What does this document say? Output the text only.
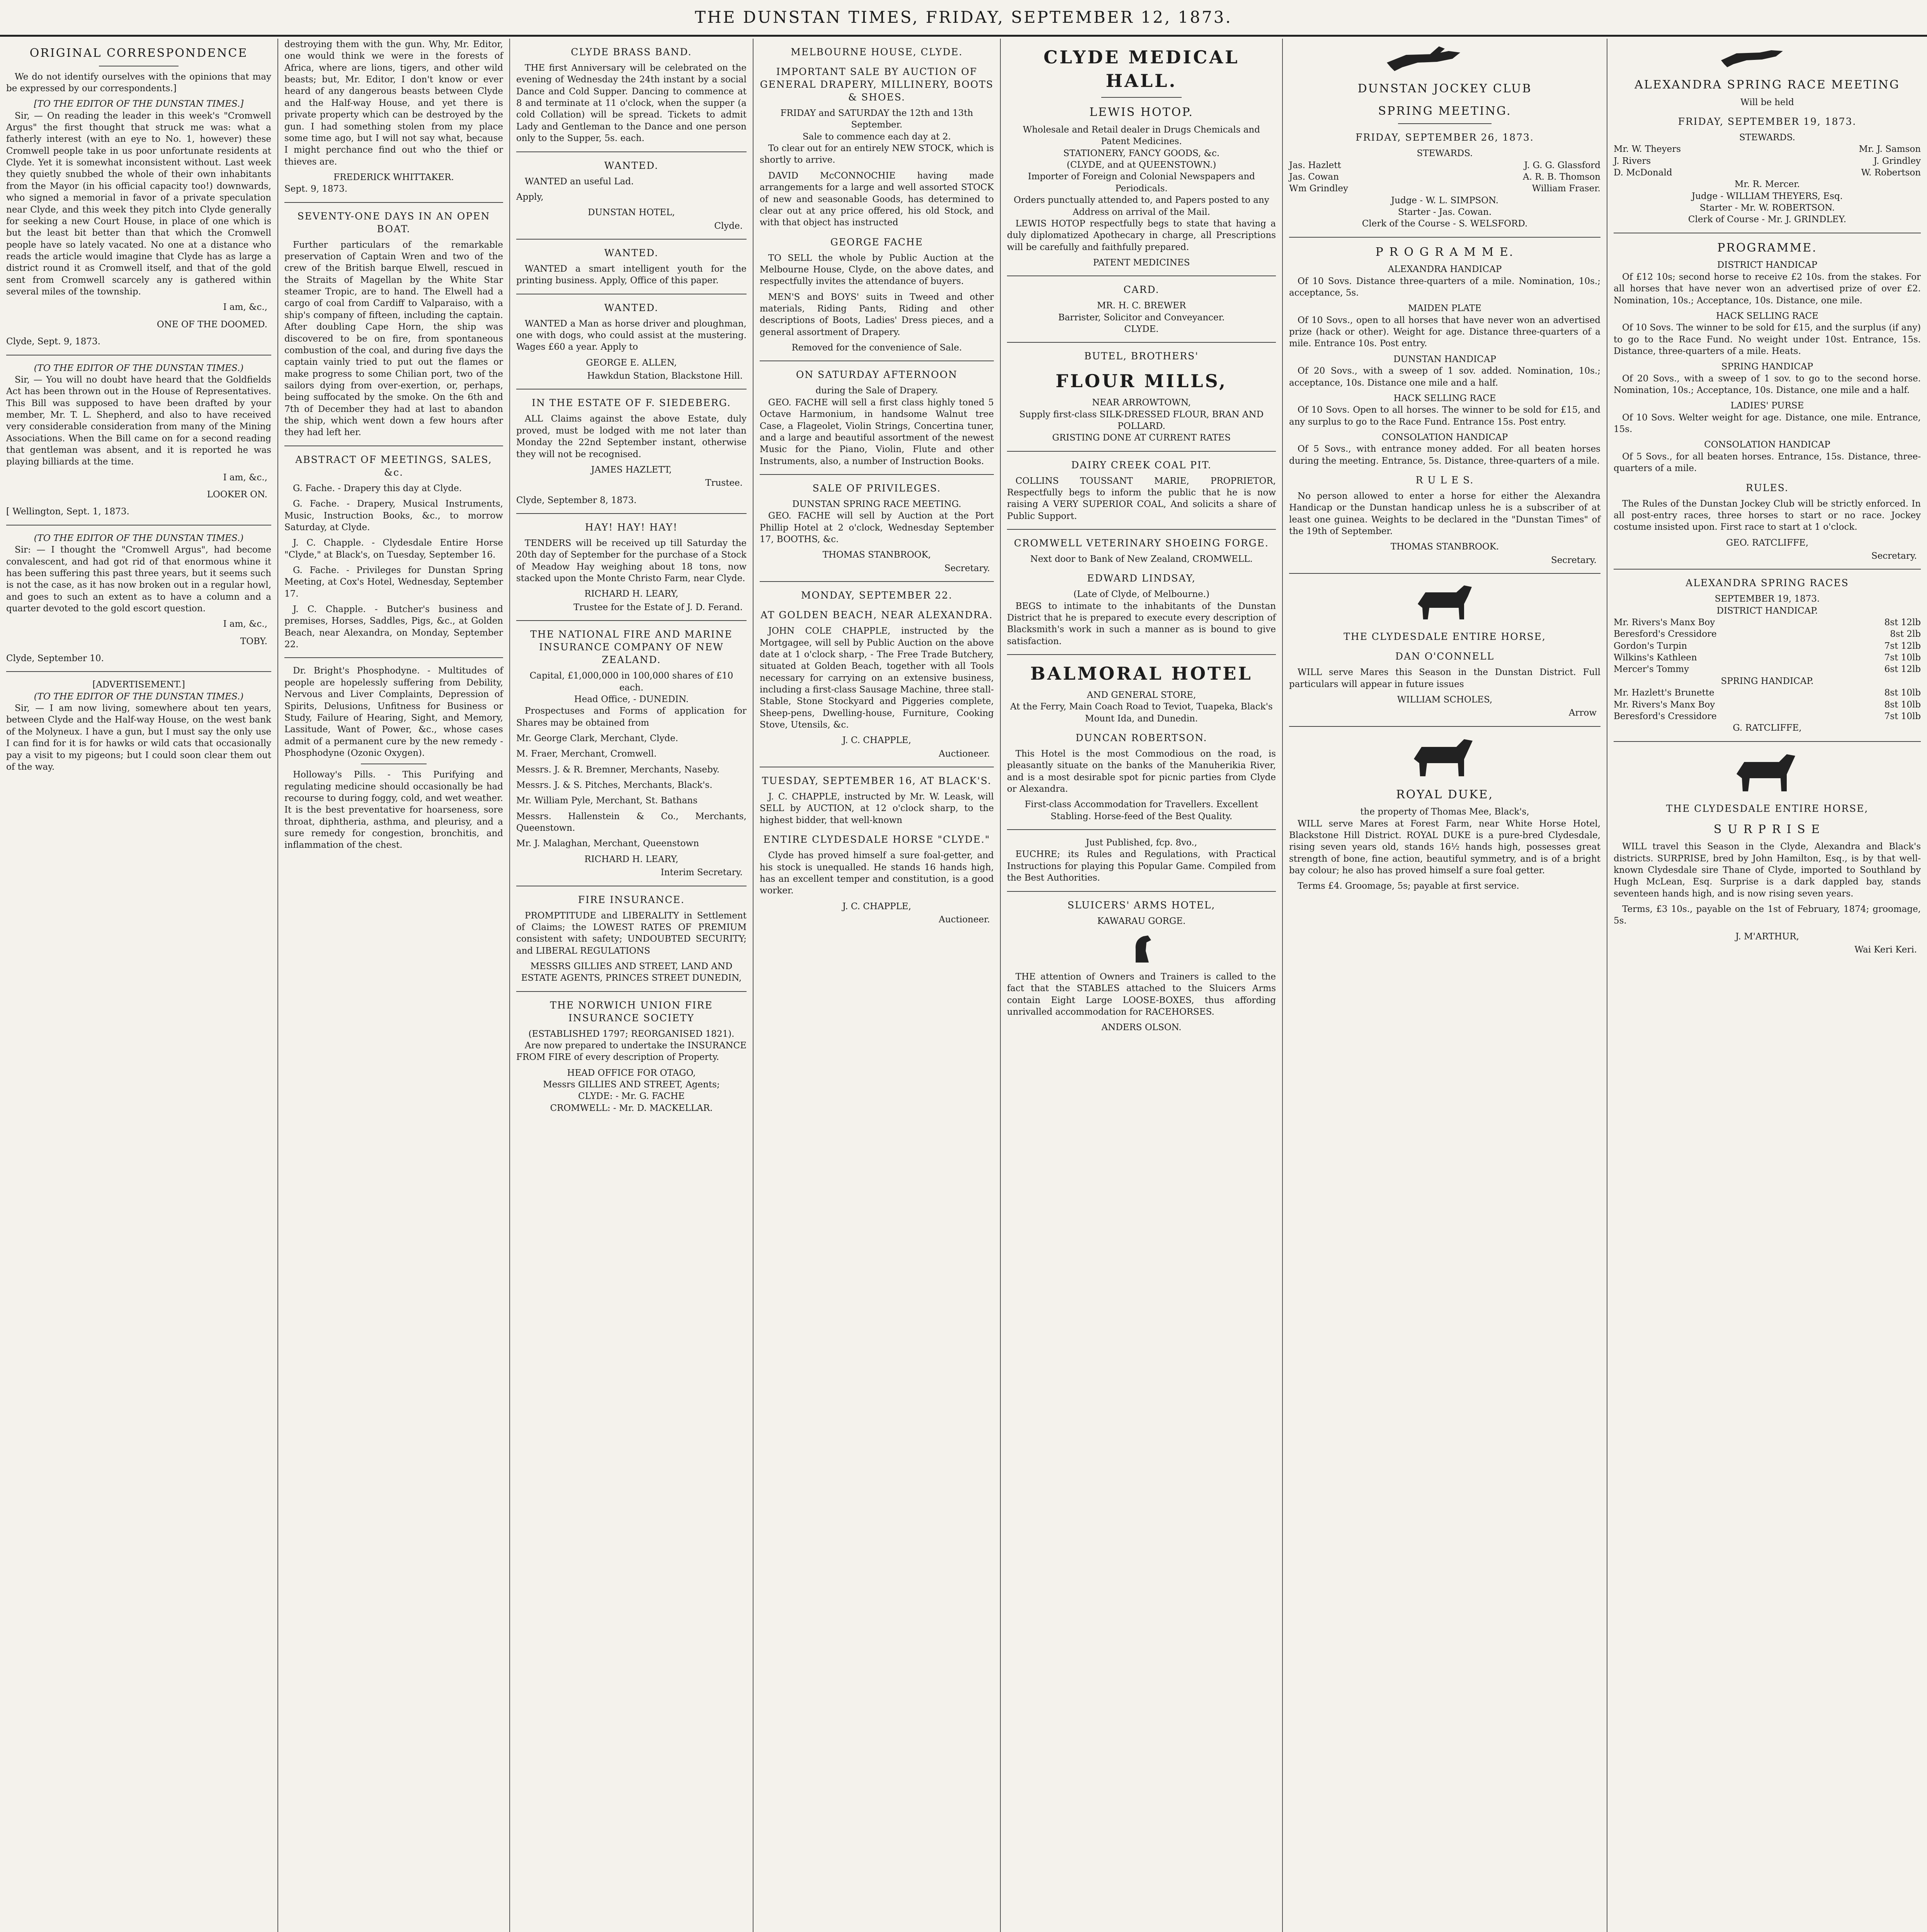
THE DUNSTAN TIMES, FRIDAY, SEPTEMBER 12, 1873.
ORIGINAL CORRESPONDENCE
We do not identify ourselves with the opinions that may be expressed by our correspondents.]
[TO THE EDITOR OF THE DUNSTAN TIMES.]
Sir, — On reading the leader in this week's "Cromwell Argus" the first thought that struck me was: what a fatherly interest (with an eye to No. 1, however) these Cromwell people take in us poor unfortunate residents at Clyde. Yet it is somewhat inconsistent without. Last week they quietly snubbed the whole of their own inhabitants from the Mayor (in his official capacity too!) downwards, who signed a memorial in favor of a private speculation near Clyde, and this week they pitch into Clyde generally for seeking a new Court House, in place of one which is but the least bit better than that which the Cromwell people have so lately vacated. No one at a distance who reads the article would imagine that Clyde has as large a district round it as Cromwell itself, and that of the gold sent from Cromwell scarcely any is gathered within several miles of the township.
I am, &c.,
ONE OF THE DOOMED.
Clyde, Sept. 9, 1873.
(TO THE EDITOR OF THE DUNSTAN TIMES.)
Sir, — You will no doubt have heard that the Goldfields Act has been thrown out in the House of Representatives. This Bill was supposed to have been drafted by your member, Mr. T. L. Shepherd, and also to have received very considerable consideration from many of the Mining Associations. When the Bill came on for a second reading that gentleman was absent, and it is reported he was playing billiards at the time.
I am, &c.,
LOOKER ON.
[ Wellington, Sept. 1, 1873.
(TO THE EDITOR OF THE DUNSTAN TIMES.)
Sir: — I thought the "Cromwell Argus", had become convalescent, and had got rid of that enormous whine it has been suffering this past three years, but it seems such is not the case, as it has now broken out in a regular howl, and goes to such an extent as to have a column and a quarter devoted to the gold escort question.
I am, &c.,
TOBY.
Clyde, September 10.
[ADVERTISEMENT.]
(TO THE EDITOR OF THE DUNSTAN TIMES.)
Sir, — I am now living, somewhere about ten years, between Clyde and the Half-way House, on the west bank of the Molyneux. I have a gun, but I must say the only use I can find for it is for hawks or wild cats that occasionally pay a visit to my pigeons; but I could soon clear them out of the way.
destroying them with the gun. Why, Mr. Editor, one would think we were in the forests of Africa, where are lions, tigers, and other wild beasts; but, Mr. Editor, I don't know or ever heard of any dangerous beasts between Clyde and the Half-way House, and yet there is private property which can be destroyed by the gun. I had something stolen from my place some time ago, but I will not say what, because I might perchance find out who the thief or thieves are.
FREDERICK WHITTAKER.
Sept. 9, 1873.
SEVENTY-ONE DAYS IN AN OPEN BOAT.
Further particulars of the remarkable preservation of Captain Wren and two of the crew of the British barque Elwell, rescued in the Straits of Magellan by the White Star steamer Tropic, are to hand. The Elwell had a cargo of coal from Cardiff to Valparaiso, with a ship's company of fifteen, including the captain. After doubling Cape Horn, the ship was discovered to be on fire, from spontaneous combustion of the coal, and during five days the captain vainly tried to put out the flames or make progress to some Chilian port, two of the sailors dying from over-exertion, or, perhaps, being suffocated by the smoke. On the 6th and 7th of December they had at last to abandon the ship, which went down a few hours after they had left her.
ABSTRACT OF MEETINGS, SALES, &c.
G. Fache. - Drapery this day at Clyde.
G. Fache. - Drapery, Musical Instruments, Music, Instruction Books, &c., to morrow Saturday, at Clyde.
J. C. Chapple. - Clydesdale Entire Horse "Clyde," at Black's, on Tuesday, September 16.
G. Fache. - Privileges for Dunstan Spring Meeting, at Cox's Hotel, Wednesday, September 17.
J. C. Chapple. - Butcher's business and premises, Horses, Saddles, Pigs, &c., at Golden Beach, near Alexandra, on Monday, September 22.
Dr. Bright's Phosphodyne. - Multitudes of people are hopelessly suffering from Debility, Nervous and Liver Complaints, Depression of Spirits, Delusions, Unfitness for Business or Study, Failure of Hearing, Sight, and Memory, Lassitude, Want of Power, &c., whose cases admit of a permanent cure by the new remedy - Phosphodyne (Ozonic Oxygen).
Holloway's Pills. - This Purifying and regulating medicine should occasionally be had recourse to during foggy, cold, and wet weather. It is the best preventative for hoarseness, sore throat, diphtheria, asthma, and pleurisy, and a sure remedy for congestion, bronchitis, and inflammation of the chest.
CLYDE BRASS BAND.
THE first Anniversary will be celebrated on the evening of Wednesday the 24th instant by a social Dance and Cold Supper. Dancing to commence at 8 and terminate at 11 o'clock, when the supper (a cold Collation) will be spread. Tickets to admit Lady and Gentleman to the Dance and one person only to the Supper, 5s. each.
WANTED.
WANTED an useful Lad.
Apply,
DUNSTAN HOTEL,
Clyde.
WANTED.
WANTED a smart intelligent youth for the printing business. Apply, Office of this paper.
WANTED.
WANTED a Man as horse driver and ploughman, one with dogs, who could assist at the mustering. Wages £60 a year. Apply to
GEORGE E. ALLEN,
Hawkdun Station, Blackstone Hill.
IN THE ESTATE OF F. SIEDEBERG.
ALL Claims against the above Estate, duly proved, must be lodged with me not later than Monday the 22nd September instant, otherwise they will not be recognised.
JAMES HAZLETT,
Trustee.
Clyde, September 8, 1873.
HAY! HAY! HAY!
TENDERS will be received up till Saturday the 20th day of September for the purchase of a Stock of Meadow Hay weighing about 18 tons, now stacked upon the Monte Christo Farm, near Clyde.
RICHARD H. LEARY,
Trustee for the Estate of J. D. Ferand.
THE NATIONAL FIRE AND MARINE INSURANCE COMPANY OF NEW ZEALAND.
Capital, £1,000,000 in 100,000 shares of £10 each.
Head Office, - DUNEDIN.
Prospectuses and Forms of application for Shares may be obtained from
Mr. George Clark, Merchant, Clyde.
M. Fraer, Merchant, Cromwell.
Messrs. J. & R. Bremner, Merchants, Naseby.
Messrs. J. & S. Pitches, Merchants, Black's.
Mr. William Pyle, Merchant, St. Bathans
Messrs. Hallenstein & Co., Merchants, Queenstown.
Mr. J. Malaghan, Merchant, Queenstown
RICHARD H. LEARY,
Interim Secretary.
FIRE INSURANCE.
PROMPTITUDE and LIBERALITY in Settlement of Claims; the LOWEST RATES OF PREMIUM consistent with safety; UNDOUBTED SECURITY; and LIBERAL REGULATIONS
MESSRS GILLIES AND STREET, LAND AND ESTATE AGENTS, PRINCES STREET DUNEDIN,
THE NORWICH UNION FIRE INSURANCE SOCIETY
(ESTABLISHED 1797; REORGANISED 1821).
Are now prepared to undertake the INSURANCE FROM FIRE of every description of Property.
HEAD OFFICE FOR OTAGO,
Messrs GILLIES AND STREET, Agents;
CLYDE: - Mr. G. FACHE
CROMWELL: - Mr. D. MACKELLAR.
MELBOURNE HOUSE, CLYDE.
IMPORTANT SALE BY AUCTION OF GENERAL DRAPERY, MILLINERY, BOOTS & SHOES.
FRIDAY and SATURDAY the 12th and 13th September.
Sale to commence each day at 2.
To clear out for an entirely NEW STOCK, which is shortly to arrive.
DAVID McCONNOCHIE having made arrangements for a large and well assorted STOCK of new and seasonable Goods, has determined to clear out at any price offered, his old Stock, and with that object has instructed
GEORGE FACHE
TO SELL the whole by Public Auction at the Melbourne House, Clyde, on the above dates, and respectfully invites the attendance of buyers.
MEN'S and BOYS' suits in Tweed and other materials, Riding Pants, Riding and other descriptions of Boots, Ladies' Dress pieces, and a general assortment of Drapery.
Removed for the convenience of Sale.
ON SATURDAY AFTERNOON
during the Sale of Drapery.
GEO. FACHE will sell a first class highly toned 5 Octave Harmonium, in handsome Walnut tree Case, a Flageolet, Violin Strings, Concertina tuner, and a large and beautiful assortment of the newest Music for the Piano, Violin, Flute and other Instruments, also, a number of Instruction Books.
SALE OF PRIVILEGES.
DUNSTAN SPRING RACE MEETING.
GEO. FACHE will sell by Auction at the Port Phillip Hotel at 2 o'clock, Wednesday September 17, BOOTHS, &c.
THOMAS STANBROOK,
Secretary.
MONDAY, SEPTEMBER 22.
AT GOLDEN BEACH, NEAR ALEXANDRA.
JOHN COLE CHAPPLE, instructed by the Mortgagee, will sell by Public Auction on the above date at 1 o'clock sharp, - The Free Trade Butchery, situated at Golden Beach, together with all Tools necessary for carrying on an extensive business, including a first-class Sausage Machine, three stall-Stable, Stone Stockyard and Piggeries complete, Sheep-pens, Dwelling-house, Furniture, Cooking Stove, Utensils, &c.
J. C. CHAPPLE,
Auctioneer.
TUESDAY, SEPTEMBER 16, AT BLACK'S.
J. C. CHAPPLE, instructed by Mr. W. Leask, will SELL by AUCTION, at 12 o'clock sharp, to the highest bidder, that well-known
ENTIRE CLYDESDALE HORSE "CLYDE."
Clyde has proved himself a sure foal-getter, and his stock is unequalled. He stands 16 hands high, has an excellent temper and constitution, is a good worker.
J. C. CHAPPLE,
Auctioneer.
CLYDE MEDICAL HALL.
LEWIS HOTOP.
Wholesale and Retail dealer in Drugs Chemicals and Patent Medicines.
STATIONERY, FANCY GOODS, &c.
(CLYDE, and at QUEENSTOWN.)
Importer of Foreign and Colonial Newspapers and Periodicals.
Orders punctually attended to, and Papers posted to any Address on arrival of the Mail.
LEWIS HOTOP respectfully begs to state that having a duly diplomatized Apothecary in charge, all Prescriptions will be carefully and faithfully prepared.
PATENT MEDICINES
CARD.
MR. H. C. BREWER
Barrister, Solicitor and Conveyancer.
CLYDE.
BUTEL, BROTHERS'
FLOUR MILLS,
NEAR ARROWTOWN,
Supply first-class SILK-DRESSED FLOUR, BRAN AND POLLARD.
GRISTING DONE AT CURRENT RATES
DAIRY CREEK COAL PIT.
COLLINS TOUSSANT MARIE, PROPRIETOR, Respectfully begs to inform the public that he is now raising A VERY SUPERIOR COAL, And solicits a share of Public Support.
CROMWELL VETERINARY SHOEING FORGE.
Next door to Bank of New Zealand, CROMWELL.
EDWARD LINDSAY,
(Late of Clyde, of Melbourne.)
BEGS to intimate to the inhabitants of the Dunstan District that he is prepared to execute every description of Blacksmith's work in such a manner as is bound to give satisfaction.
BALMORAL HOTEL
AND GENERAL STORE,
At the Ferry, Main Coach Road to Teviot, Tuapeka, Black's Mount Ida, and Dunedin.
DUNCAN ROBERTSON.
This Hotel is the most Commodious on the road, is pleasantly situate on the banks of the Manuherikia River, and is a most desirable spot for picnic parties from Clyde or Alexandra.
First-class Accommodation for Travellers. Excellent Stabling. Horse-feed of the Best Quality.
Just Published, fcp. 8vo.,
EUCHRE; its Rules and Regulations, with Practical Instructions for playing this Popular Game. Compiled from the Best Authorities.
SLUICERS' ARMS HOTEL,
KAWARAU GORGE.
THE attention of Owners and Trainers is called to the fact that the STABLES attached to the Sluicers Arms contain Eight Large LOOSE-BOXES, thus affording unrivalled accommodation for RACEHORSES.
ANDERS OLSON.
DUNSTAN JOCKEY CLUB
SPRING MEETING.
FRIDAY, SEPTEMBER 26, 1873.
STEWARDS.
Jas. Hazlett	J. G. G. Glassford
Jas. Cowan	A. R. B. Thomson
Wm Grindley	William Fraser.
Judge - W. L. SIMPSON.
Starter - Jas. Cowan.
Clerk of the Course - S. WELSFORD.
P R O G R A M M E.
ALEXANDRA HANDICAP
Of 10 Sovs. Distance three-quarters of a mile. Nomination, 10s.; acceptance, 5s.
MAIDEN PLATE
Of 10 Sovs., open to all horses that have never won an advertised prize (hack or other). Weight for age. Distance three-quarters of a mile. Entrance 10s. Post entry.
DUNSTAN HANDICAP
Of 20 Sovs., with a sweep of 1 sov. added. Nomination, 10s.; acceptance, 10s. Distance one mile and a half.
HACK SELLING RACE
Of 10 Sovs. Open to all horses. The winner to be sold for £15, and any surplus to go to the Race Fund. Entrance 15s. Post entry.
CONSOLATION HANDICAP
Of 5 Sovs., with entrance money added. For all beaten horses during the meeting. Entrance, 5s. Distance, three-quarters of a mile.
R U L E S.
No person allowed to enter a horse for either the Alexandra Handicap or the Dunstan handicap unless he is a subscriber of at least one guinea. Weights to be declared in the "Dunstan Times" of the 19th of September.
THOMAS STANBROOK.
Secretary.
THE CLYDESDALE ENTIRE HORSE,
DAN O'CONNELL
WILL serve Mares this Season in the Dunstan District. Full particulars will appear in future issues
WILLIAM SCHOLES,
Arrow
ROYAL DUKE,
the property of Thomas Mee, Black's,
WILL serve Mares at Forest Farm, near White Horse Hotel, Blackstone Hill District. ROYAL DUKE is a pure-bred Clydesdale, rising seven years old, stands 16½ hands high, possesses great strength of bone, fine action, beautiful symmetry, and is of a bright bay colour; he also has proved himself a sure foal getter.
Terms £4. Groomage, 5s; payable at first service.
ALEXANDRA SPRING RACE MEETING
Will be held
FRIDAY, SEPTEMBER 19, 1873.
STEWARDS.
Mr. W. Theyers	Mr. J. Samson
J. Rivers	J. Grindley
D. McDonald	W. Robertson
Mr. R. Mercer.
Judge - WILLIAM THEYERS, Esq.
Starter - Mr. W. ROBERTSON.
Clerk of Course - Mr. J. GRINDLEY.
PROGRAMME.
DISTRICT HANDICAP
Of £12 10s; second horse to receive £2 10s. from the stakes. For all horses that have never won an advertised prize of over £2. Nomination, 10s.; Acceptance, 10s. Distance, one mile.
HACK SELLING RACE
Of 10 Sovs. The winner to be sold for £15, and the surplus (if any) to go to the Race Fund. No weight under 10st. Entrance, 15s. Distance, three-quarters of a mile. Heats.
SPRING HANDICAP
Of 20 Sovs., with a sweep of 1 sov. to go to the second horse. Nomination, 10s.; Acceptance, 10s. Distance, one mile and a half.
LADIES' PURSE
Of 10 Sovs. Welter weight for age. Distance, one mile. Entrance, 15s.
CONSOLATION HANDICAP
Of 5 Sovs., for all beaten horses. Entrance, 15s. Distance, three-quarters of a mile.
RULES.
The Rules of the Dunstan Jockey Club will be strictly enforced. In all post-entry races, three horses to start or no race. Jockey costume insisted upon. First race to start at 1 o'clock.
GEO. RATCLIFFE,
Secretary.
ALEXANDRA SPRING RACES
SEPTEMBER 19, 1873.
DISTRICT HANDICAP.
Mr. Rivers's Manx Boy	8st 12lb
Beresford's Cressidore	8st 2lb
Gordon's Turpin	7st 12lb
Wilkins's Kathleen	7st 10lb
Mercer's Tommy	6st 12lb
SPRING HANDICAP.
Mr. Hazlett's Brunette	8st 10lb
Mr. Rivers's Manx Boy	8st 10lb
Beresford's Cressidore	7st 10lb
G. RATCLIFFE,
THE CLYDESDALE ENTIRE HORSE,
S U R P R I S E
WILL travel this Season in the Clyde, Alexandra and Black's districts. SURPRISE, bred by John Hamilton, Esq., is by that well-known Clydesdale sire Thane of Clyde, imported to Southland by Hugh McLean, Esq. Surprise is a dark dappled bay, stands seventeen hands high, and is now rising seven years.
Terms, £3 10s., payable on the 1st of February, 1874; groomage, 5s.
J. M'ARTHUR,
Wai Keri Keri.
